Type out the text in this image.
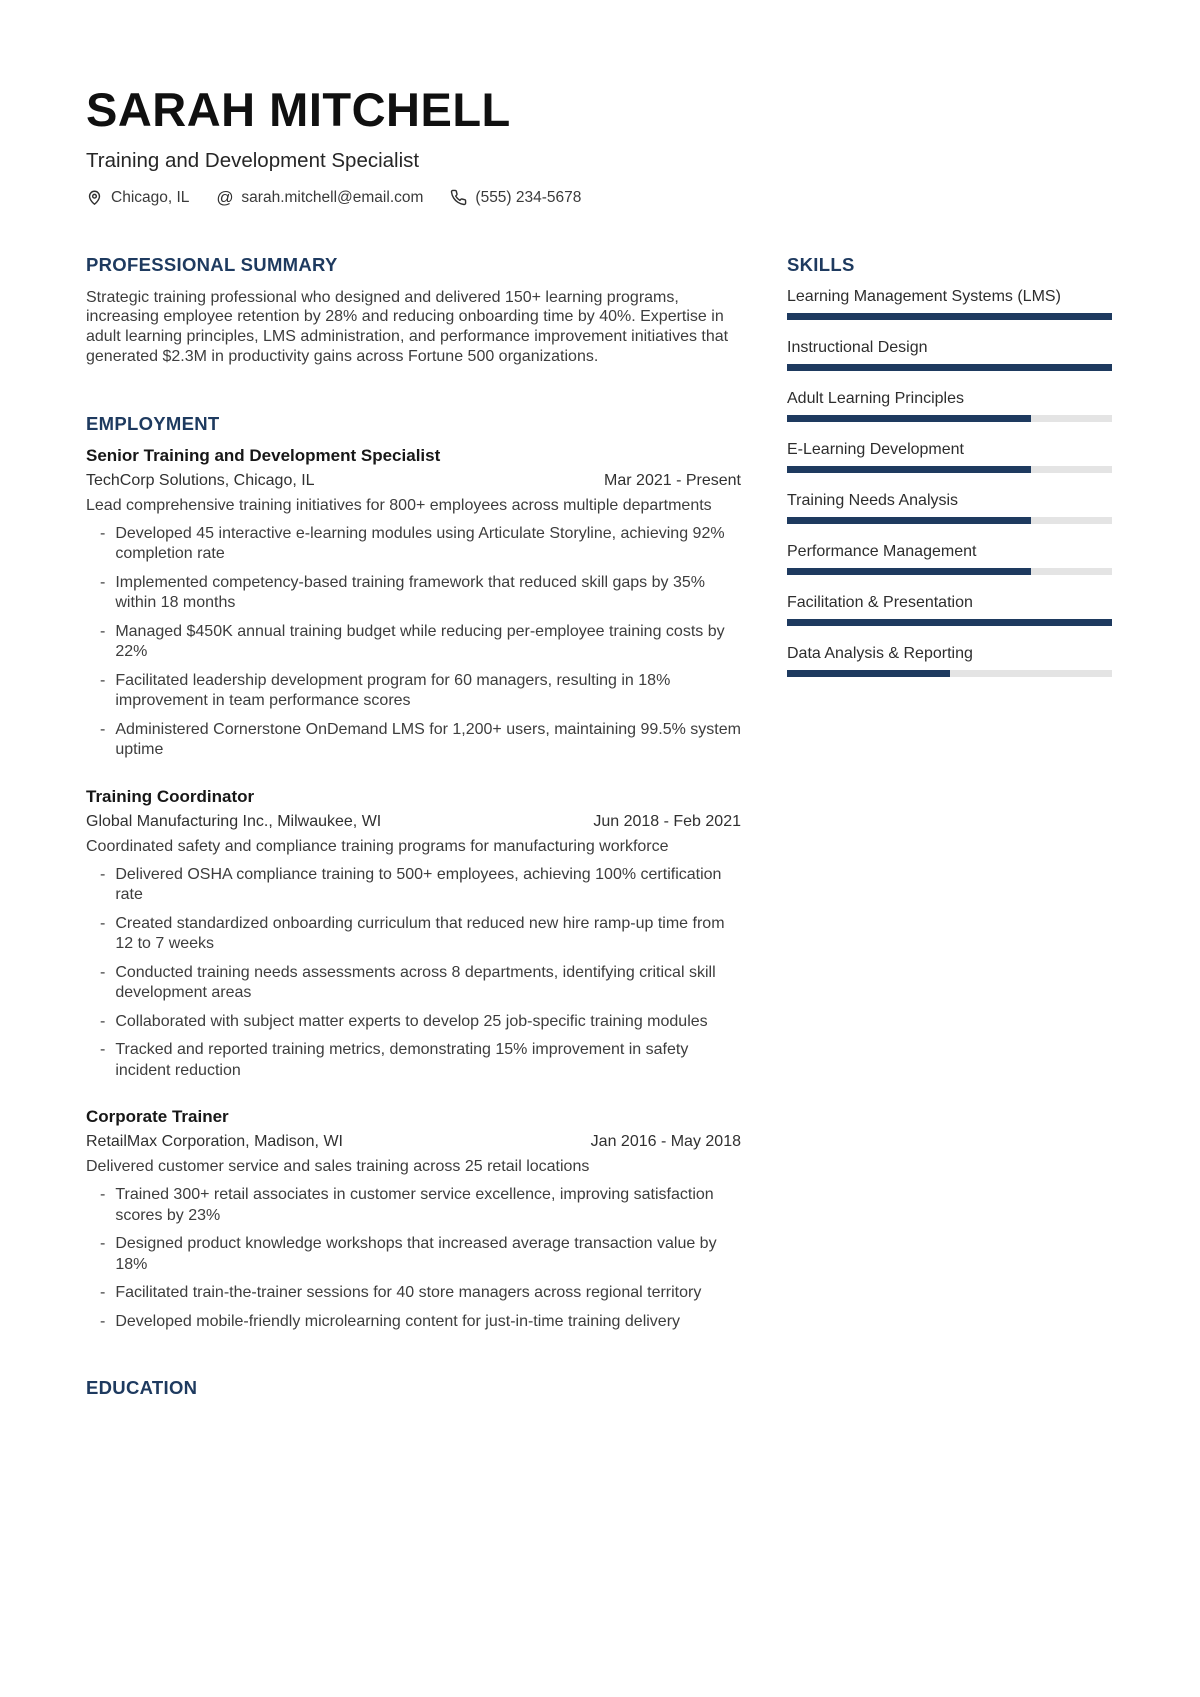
SARAH MITCHELL
Training and Development Specialist
Chicago, IL @ sarah.mitchell@email.com	(555) 234-5678
PROFESSIONAL SUMMARY

Strategic training professional who designed and delivered 150+ learning programs, increasing employee retention by 28% and reducing onboarding time by 40%. Expertise in adult learning principles, LMS administration, and performance improvement initiatives that generated $2.3M in productivity gains across Fortune 500 organizations.

EMPLOYMENT
Senior Training and Development Specialist
TechCorp Solutions, Chicago, IL	Mar 2021 - Present
Lead comprehensive training initiatives for 800+ employees across multiple departments
- Developed 45 interactive e-learning modules using Articulate Storyline, achieving 92% completion rate
- Implemented competency-based training framework that reduced skill gaps by 35% within 18 months
- Managed $450K annual training budget while reducing per-employee training costs by 22%
- Facilitated leadership development program for 60 managers, resulting in 18% improvement in team performance scores
- Administered Cornerstone OnDemand LMS for 1,200+ users, maintaining 99.5% system uptime
Training Coordinator
Global Manufacturing Inc., Milwaukee, WI	Jun 2018 - Feb 2021
Coordinated safety and compliance training programs for manufacturing workforce
- Delivered OSHA compliance training to 500+ employees, achieving 100% certification rate
- Created standardized onboarding curriculum that reduced new hire ramp-up time from 12 to 7 weeks
- Conducted training needs assessments across 8 departments, identifying critical skill development areas
- Collaborated with subject matter experts to develop 25 job-specific training modules
- Tracked and reported training metrics, demonstrating 15% improvement in safety incident reduction
Corporate Trainer
RetailMax Corporation, Madison, WI	Jan 2016 - May 2018
Delivered customer service and sales training across 25 retail locations
- Trained 300+ retail associates in customer service excellence, improving satisfaction scores by 23%
- Designed product knowledge workshops that increased average transaction value by 18%
- Facilitated train-the-trainer sessions for 40 store managers across regional territory
- Developed mobile-friendly microlearning content for just-in-time training delivery
EDUCATION
SKILLS
Learning Management Systems (LMS)
Instructional Design
Adult Learning Principles
E-Learning Development
Training Needs Analysis
Performance Management
Facilitation & Presentation
Data Analysis & Reporting
